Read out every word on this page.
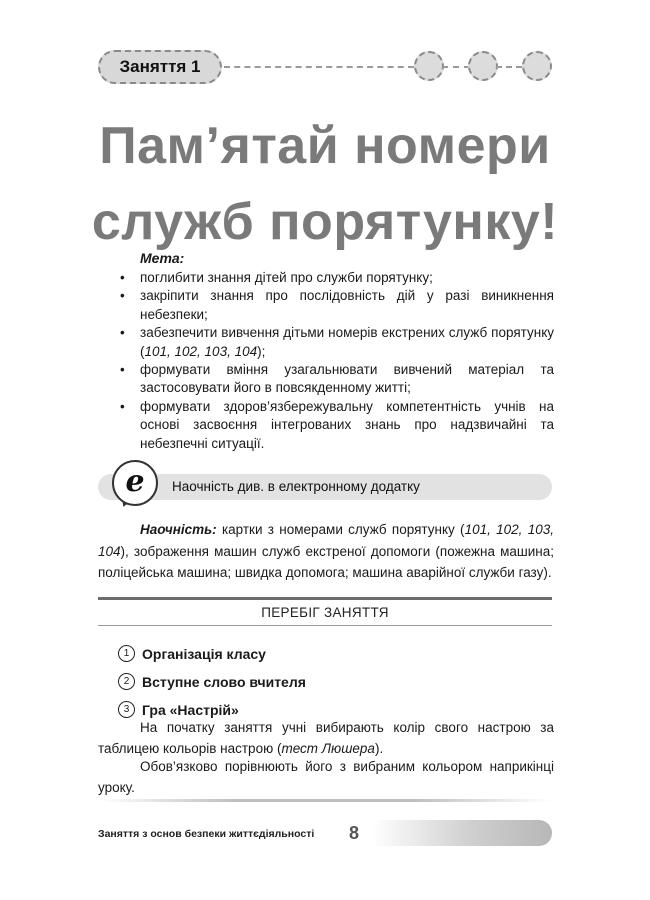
Заняття 1
Пам’ятай номери
служб порятунку!
Мета:
• поглибити знання дітей про служби порятунку;
• закріпити знання про послідовність дій у разі виникнення небезпеки;
• забезпечити вивчення дітьми номерів екстрених служб порятунку (101, 102, 103, 104);
• формувати вміння узагальнювати вивчений матеріал та застосовувати його в повсякденному житті;
• формувати здоров’язбережувальну компетентність учнів на основі засвоєння інтегрованих знань про надзвичайні та небезпечні ситуації.
e Наочність див. в електронному додатку

Наочність: картки з номерами служб порятунку (101, 102, 103, 104), зображення машин служб екстреної допомоги (пожежна машина; поліцейська машина; швидка допомога; машина аварійної служби газу).

ПЕРЕБІГ ЗАНЯТТЯ
1 Організація класу
2 Вступне слово вчителя
3 Гра «Настрій»

На початку заняття учні вибирають колір свого настрою за таблицею кольорів настрою (тест Люшера).

Обов’язково порівнюють його з вибраним кольором наприкінці уроку.

Заняття з основ безпеки життєдіяльності 8
